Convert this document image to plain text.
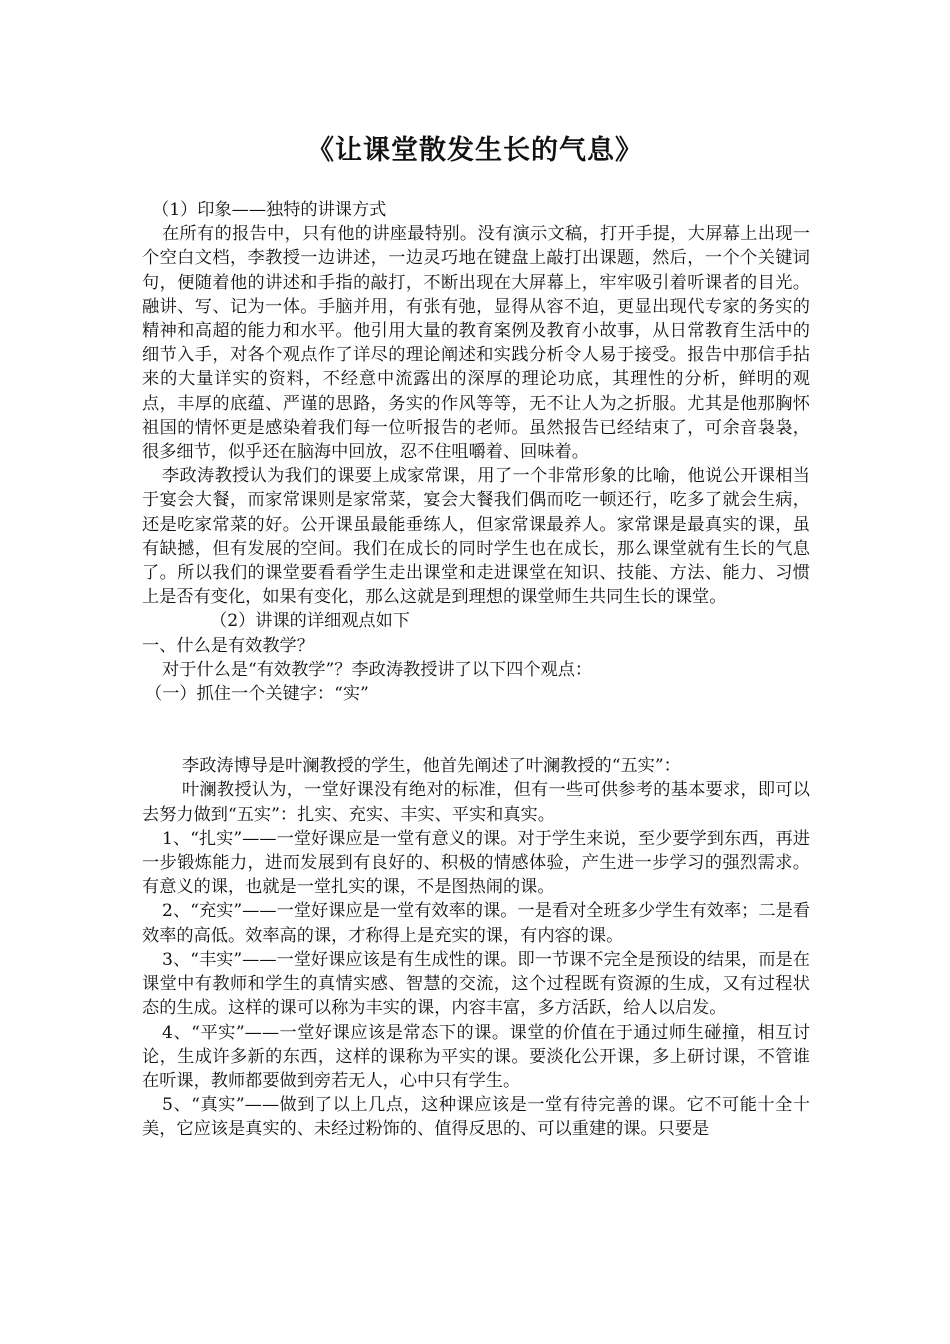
《让课堂散发生长的气息》

（1）印象——独特的讲课方式

在所有的报告中，只有他的讲座最特别。没有演示文稿，打开手提，大屏幕上出现一个空白文档，李教授一边讲述，一边灵巧地在键盘上敲打出课题，然后，一个个关键词句，便随着他的讲述和手指的敲打，不断出现在大屏幕上，牢牢吸引着听课者的目光。融讲、写、记为一体。手脑并用，有张有弛，显得从容不迫，更显出现代专家的务实的精神和高超的能力和水平。他引用大量的教育案例及教育小故事，从日常教育生活中的细节入手，对各个观点作了详尽的理论阐述和实践分析令人易于接受。报告中那信手拈来的大量详实的资料，不经意中流露出的深厚的理论功底，其理性的分析，鲜明的观点，丰厚的底蕴、严谨的思路，务实的作风等等，无不让人为之折服。尤其是他那胸怀祖国的情怀更是感染着我们每一位听报告的老师。虽然报告已经结束了，可余音袅袅，很多细节，似乎还在脑海中回放，忍不住咀嚼着、回味着。

李政涛教授认为我们的课要上成家常课，用了一个非常形象的比喻，他说公开课相当于宴会大餐，而家常课则是家常菜，宴会大餐我们偶而吃一顿还行，吃多了就会生病，还是吃家常菜的好。公开课虽最能垂练人，但家常课最养人。家常课是最真实的课，虽有缺撼，但有发展的空间。我们在成长的同时学生也在成长，那么课堂就有生长的气息了。所以我们的课堂要看看学生走出课堂和走进课堂在知识、技能、方法、能力、习惯上是否有变化，如果有变化，那么这就是到理想的课堂师生共同生长的课堂。

（2）讲课的详细观点如下

一、什么是有效教学？

对于什么是“有效教学”？李政涛教授讲了以下四个观点：

（一）抓住一个关键字：“实”

李政涛博导是叶澜教授的学生，他首先阐述了叶澜教授的“五实”：

叶澜教授认为，一堂好课没有绝对的标准，但有一些可供参考的基本要求，即可以去努力做到“五实”：扎实、充实、丰实、平实和真实。

1、“扎实”——一堂好课应是一堂有意义的课。对于学生来说，至少要学到东西，再进一步锻炼能力，进而发展到有良好的、积极的情感体验，产生进一步学习的强烈需求。有意义的课，也就是一堂扎实的课，不是图热闹的课。

2、“充实”——一堂好课应是一堂有效率的课。一是看对全班多少学生有效率；二是看效率的高低。效率高的课，才称得上是充实的课，有内容的课。

3、“丰实”——一堂好课应该是有生成性的课。即一节课不完全是预设的结果，而是在课堂中有教师和学生的真情实感、智慧的交流，这个过程既有资源的生成，又有过程状态的生成。这样的课可以称为丰实的课，内容丰富，多方活跃，给人以启发。

4、“平实”——一堂好课应该是常态下的课。课堂的价值在于通过师生碰撞，相互讨论，生成许多新的东西，这样的课称为平实的课。要淡化公开课，多上研讨课，不管谁在听课，教师都要做到旁若无人，心中只有学生。

5、“真实”——做到了以上几点，这种课应该是一堂有待完善的课。它不可能十全十美，它应该是真实的、未经过粉饰的、值得反思的、可以重建的课。只要是
